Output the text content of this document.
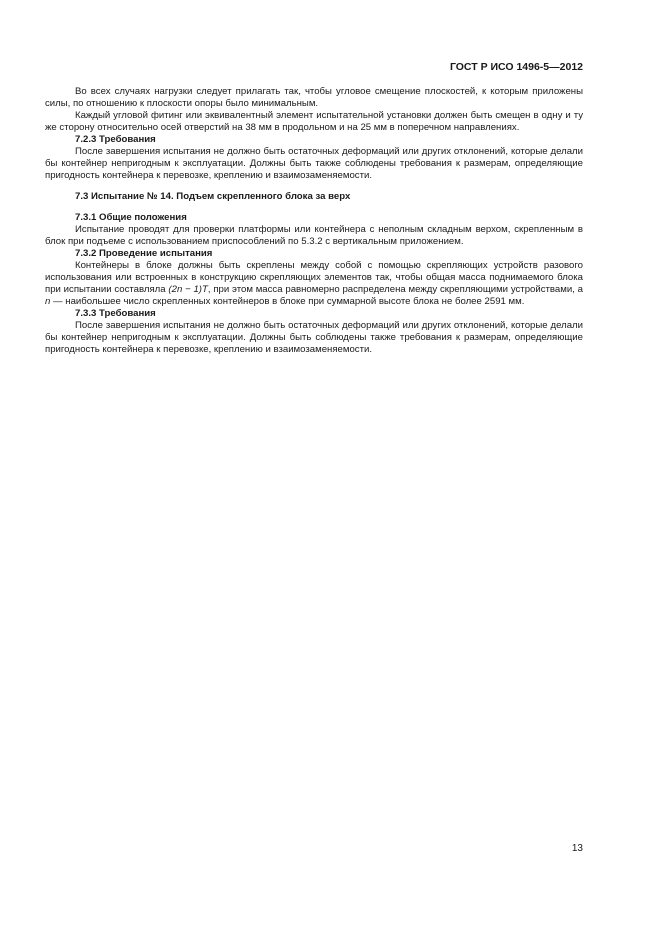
ГОСТ Р ИСО 1496-5—2012

Во всех случаях нагрузки следует прилагать так, чтобы угловое смещение плоскостей, к которым приложены силы, по отношению к плоскости опоры было минимальным.

Каждый угловой фитинг или эквивалентный элемент испытательной установки должен быть смещен в одну и ту же сторону относительно осей отверстий на 38 мм в продольном и на 25 мм в поперечном направлениях.

7.2.3 Требования

После завершения испытания не должно быть остаточных деформаций или других отклонений, которые делали бы контейнер непригодным к эксплуатации. Должны быть также соблюдены требования к размерам, определяющие пригодность контейнера к перевозке, креплению и взаимозаменяемости.

7.3 Испытание № 14. Подъем скрепленного блока за верх
7.3.1 Общие положения

Испытание проводят для проверки платформы или контейнера с неполным складным верхом, скрепленным в блок при подъеме с использованием приспособлений по 5.3.2 с вертикальным приложением.

7.3.2 Проведение испытания

Контейнеры в блоке должны быть скреплены между собой с помощью скрепляющих устройств разового использования или встроенных в конструкцию скрепляющих элементов так, чтобы общая масса поднимаемого блока при испытании составляла (2n − 1)T, при этом масса равномерно распределена между скрепляющими устройствами, а n — наибольшее число скрепленных контейнеров в блоке при суммарной высоте блока не более 2591 мм.

7.3.3 Требования

После завершения испытания не должно быть остаточных деформаций или других отклонений, которые делали бы контейнер непригодным к эксплуатации. Должны быть соблюдены также требования к размерам, определяющие пригодность контейнера к перевозке, креплению и взаимозаменяемости.

13
